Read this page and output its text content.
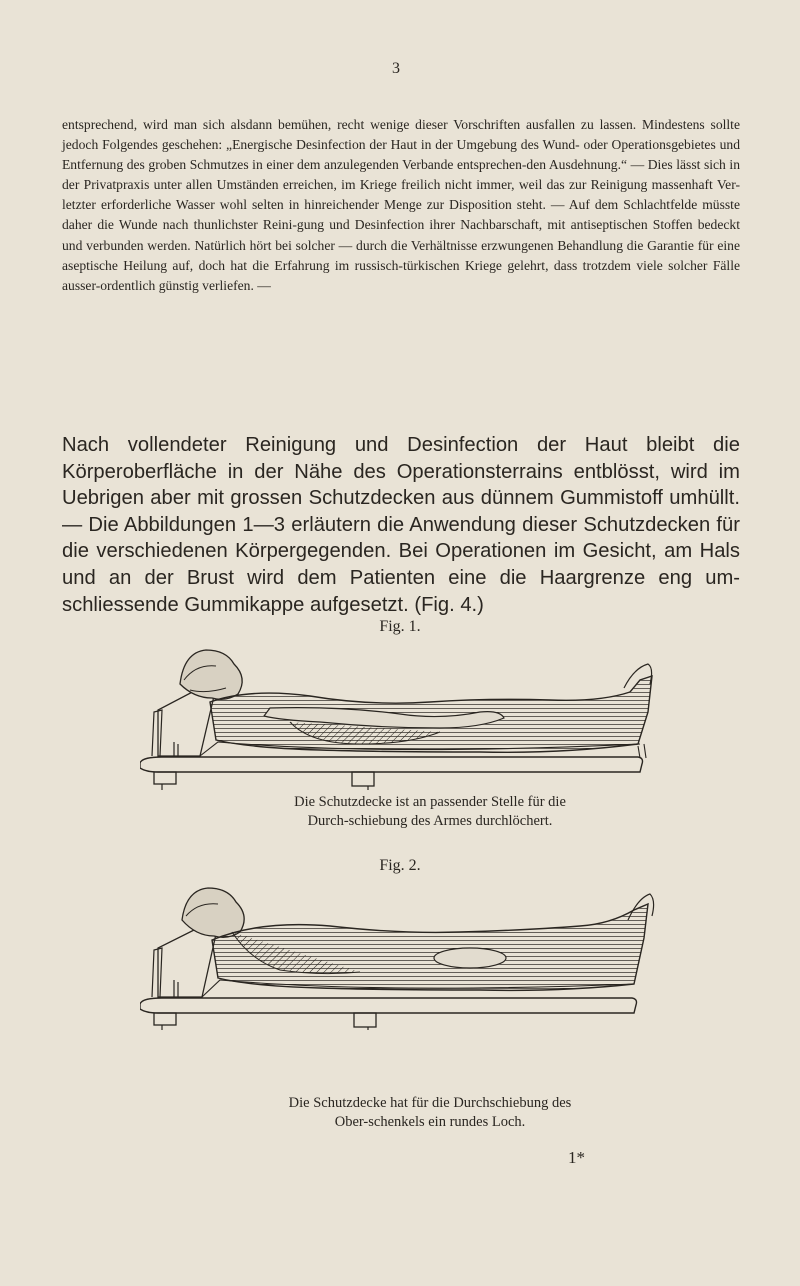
3

entsprechend, wird man sich alsdann bemühen, recht wenige dieser Vorschriften ausfallen zu lassen. Mindestens sollte jedoch Folgendes geschehen: „Energische Desinfection der Haut in der Umgebung des Wund- oder Operationsgebietes und Entfernung des groben Schmutzes in einer dem anzulegenden Verbande entsprechen-den Ausdehnung.“ — Dies lässt sich in der Privatpraxis unter allen Umständen erreichen, im Kriege freilich nicht immer, weil das zur Reinigung massenhaft Ver-letzter erforderliche Wasser wohl selten in hinreichender Menge zur Disposition steht. — Auf dem Schlachtfelde müsste daher die Wunde nach thunlichster Reini-gung und Desinfection ihrer Nachbarschaft, mit antiseptischen Stoffen bedeckt und verbunden werden. Natürlich hört bei solcher — durch die Verhältnisse erzwungenen Behandlung die Garantie für eine aseptische Heilung auf, doch hat die Erfahrung im russisch-türkischen Kriege gelehrt, dass trotzdem viele solcher Fälle ausser-ordentlich günstig verliefen. —

Nach vollendeter Reinigung und Desinfection der Haut bleibt die Körperoberfläche in der Nähe des Operationsterrains entblösst, wird im Uebrigen aber mit grossen Schutzdecken aus dünnem Gummistoff umhüllt. — Die Abbildungen 1—3 erläutern die Anwendung dieser Schutzdecken für die verschiedenen Körpergegenden. Bei Operationen im Gesicht, am Hals und an der Brust wird dem Patienten eine die Haargrenze eng um-schliessende Gummikappe aufgesetzt. (Fig. 4.)

Fig. 1.
Die Schutzdecke ist an passender Stelle für die Durch-schiebung des Armes durchlöchert.
Fig. 2.
Die Schutzdecke hat für die Durchschiebung des Ober-schenkels ein rundes Loch.
1*
